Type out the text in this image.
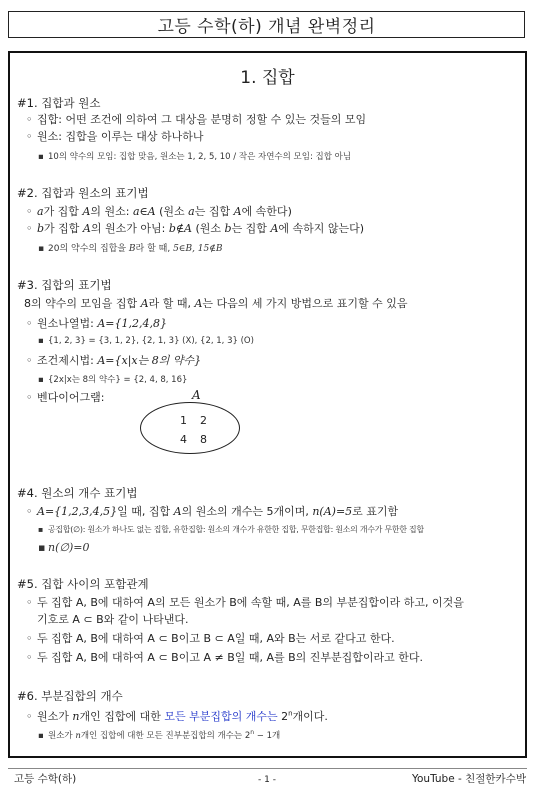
고등 수학(하) 개념 완벽정리
1. 집합
#1. 집합과 원소
◦ 집합: 어떤 조건에 의하여 그 대상을 분명히 정할 수 있는 것들의 모임
◦ 원소: 집합을 이루는 대상 하나하나
▪ 10의 약수의 모임: 집합 맞음, 원소는 1, 2, 5, 10 / 작은 자연수의 모임: 집합 아님
#2. 집합과 원소의 표기법
◦ a가 집합 A의 원소: a∈A (원소 a는 집합 A에 속한다)
◦ b가 집합 A의 원소가 아님: b∉A (원소 b는 집합 A에 속하지 않는다)
▪ 20의 약수의 집합을 B라 할 때, 5∈B, 15∉B
#3. 집합의 표기법
8의 약수의 모임을 집합 A라 할 때, A는 다음의 세 가지 방법으로 표기할 수 있음
◦ 원소나열법: A={1,2,4,8}
▪ {1, 2, 3} = {3, 1, 2}, {2, 1, 3} (X), {2, 1, 3} (O)
◦ 조건제시법: A={x|x는 8의 약수}
▪ {2x|x는 8의 약수} = {2, 4, 8, 16}
◦ 벤다이어그램:	A
1 2
4 8
#4. 원소의 개수 표기법
◦ A={1,2,3,4,5}일 때, 집합 A의 원소의 개수는 5개이며, n(A)=5로 표기함
▪ 공집합(∅): 원소가 하나도 없는 집합, 유한집합: 원소의 개수가 유한한 집합, 무한집합: 원소의 개수가 무한한 집합
▪ n(∅)=0
#5. 집합 사이의 포함관계
◦ 두 집합 A, B에 대하여 A의 모든 원소가 B에 속할 때, A를 B의 부분집합이라 하고, 이것을
기호로 A ⊂ B와 같이 나타낸다.
◦ 두 집합 A, B에 대하여 A ⊂ B이고 B ⊂ A일 때, A와 B는 서로 같다고 한다.
◦ 두 집합 A, B에 대하여 A ⊂ B이고 A ≠ B일 때, A를 B의 진부분집합이라고 한다.
#6. 부분집합의 개수
◦ 원소가 n개인 집합에 대한 모든 부분집합의 개수는 2$^n$개이다.
▪ 원소가 n개인 집합에 대한 모든 진부분집합의 개수는 $2^n - 1$개
고등 수학(하)	- 1 -	YouTube - 친절한카수박
